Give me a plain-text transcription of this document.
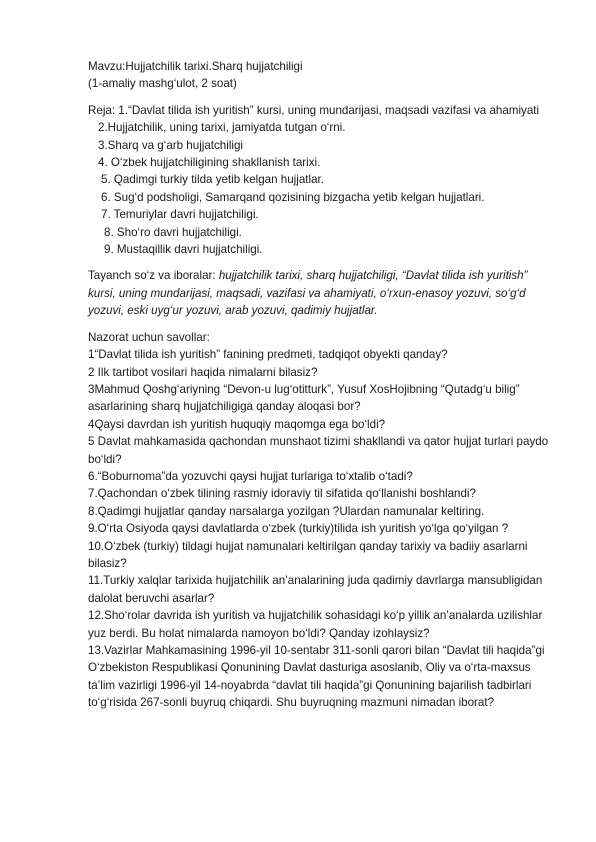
Mavzu:Hujjatchilik tarixi.Sharq hujjatchiligi

(1-amaliy mashg‘ulot, 2 soat)

Reja: 1.“Davlat tilida ish yuritish” kursi, uning mundarijasi, maqsadi vazifasi va ahamiyati

2.Hujjatchilik, uning tarixi, jamiyatda tutgan o‘rni.
3.Sharq va g‘arb hujjatchiligi
4. O‘zbek hujjatchiligining shakllanish tarixi.
5. Qadimgi turkiy tilda yetib kelgan hujjatlar.
6. Sug‘d podsholigi, Samarqand qozisining bizgacha yetib kelgan hujjatlari.
7. Temuriylar davri hujjatchiligi.
8. Sho‘ro davri hujjatchiligi.
9. Mustaqillik davri hujjatchiligi.

Tayanch so‘z va iboralar: hujjatchilik tarixi, sharq hujjatchiligi, “Davlat tilida ish yuritish” kursi, uning mundarijasi, maqsadi, vazifasi va ahamiyati, o‘rxun-enasoy yozuvi, so‘g‘d yozuvi, eski uyg‘ur yozuvi, arab yozuvi, qadimiy hujjatlar.

Nazorat uchun savollar:

1“Davlat tilida ish yuritish” fanining predmeti, tadqiqot obyekti qanday?

2 Ilk tartibot vosilari haqida nimalarni bilasiz?

3Mahmud Qoshg‘ariyning “Devon-u lug‘otitturk”, Yusuf XosHojibning “Qutadg‘u bilig” asarlarining sharq hujjatchiligiga qanday aloqasi bor?

4Qaysi davrdan ish yuritish huquqiy maqomga ega bo‘ldi?

5 Davlat mahkamasida qachondan munshaot tizimi shakllandi va qator hujjat turlari paydo bo‘ldi?

6.“Boburnoma”da yozuvchi qaysi hujjat turlariga to‘xtalib o‘tadi?

7.Qachondan o‘zbek tilining rasmiy idoraviy til sifatida qo‘llanishi boshlandi?

8.Qadimgi hujjatlar qanday narsalarga yozilgan ?Ulardan namunalar keltiring.

9.O‘rta Osiyoda qaysi davlatlarda o‘zbek (turkiy)tilida ish yuritish yo‘lga qo‘yilgan ?

10.O‘zbek (turkiy) tildagi hujjat namunalari keltirilgan qanday tarixiy va badiiy asarlarni bilasiz?

11.Turkiy xalqlar tarixida hujjatchilik an’analarining juda qadimiy davrlarga mansubligidan dalolat beruvchi asarlar?

12.Sho‘rolar davrida ish yuritish va hujjatchilik sohasidagi ko‘p yillik an’analarda uzilishlar yuz berdi. Bu holat nimalarda namoyon bo‘ldi? Qanday izohlaysiz?

13.Vazirlar Mahkamasining 1996-yil 10-sentabr 311-sonli qarori bilan “Davlat tili haqida”gi O‘zbekiston Respublikasi Qonunining Davlat dasturiga asoslanib, Oliy va o‘rta-maxsus ta’lim vazirligi 1996-yil 14-noyabrda “davlat tili haqida”gi Qonunining bajarilish tadbirlari to‘g‘risida 267-sonli buyruq chiqardi. Shu buyruqning mazmuni nimadan iborat?
